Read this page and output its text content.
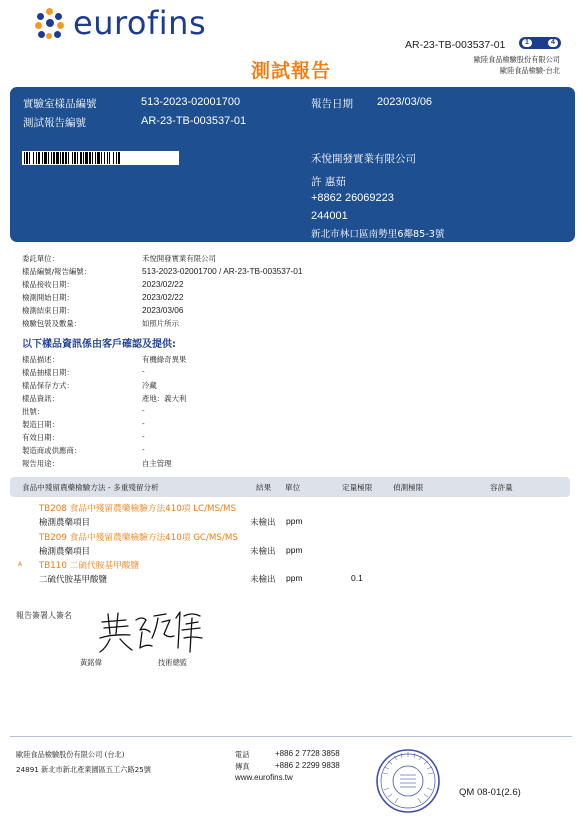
eurofins
AR-23-TB-003537-01	1	4
測試報告
歐陸食品檢驗股份有限公司
歐陸食品檢驗-台北
實驗室樣品編號	513-2023-02001700
測試報告編號	AR-23-TB-003537-01
報告日期 2023/03/06
禾悅開發實業有限公司
許 惠茹
+8862 26069223
244001
新北市林口區南勢里6鄰85-3號
委託單位：	禾悅開發實業有限公司
樣品編號/報告編號：	513-2023-02001700 / AR-23-TB-003537-01
樣品接收日期：	2023/02/22
檢測開始日期：	2023/02/22
檢測結束日期：	2023/03/06
檢驗包裝及數量：	如照片所示
以下樣品資訊係由客戶確認及提供:
樣品描述：	有機綠奇異果
樣品抽樣日期：	-
樣品保存方式：	冷藏
樣品資訊：	產地：義大利
批號：	-
製造日期：	-
有效日期：	-
製造商或供應商：	-
報告用途：	自主管理
食品中殘留農藥檢驗方法 - 多重殘留分析	結果 單位	定量極限	偵測極限	容許量
TB208 食品中殘留農藥檢驗方法410項 LC/MS/MS
檢測農藥項目	未檢出 ppm
TB209 食品中殘留農藥檢驗方法410項 GC/MS/MS
檢測農藥項目	未檢出 ppm
TB110 二硫代胺基甲酸鹽
二硫代胺基甲酸鹽	未檢出 ppm	0.1
A
報告簽署人簽名
黃銘偉	技術總監
歐陸食品檢驗股份有限公司 (台北)
24891 新北市新北產業園區五工六路25號
電話	+886 2 7728 3858
傳真	+886 2 2299 9838
www.eurofins.tw
QM 08-01(2.6)
